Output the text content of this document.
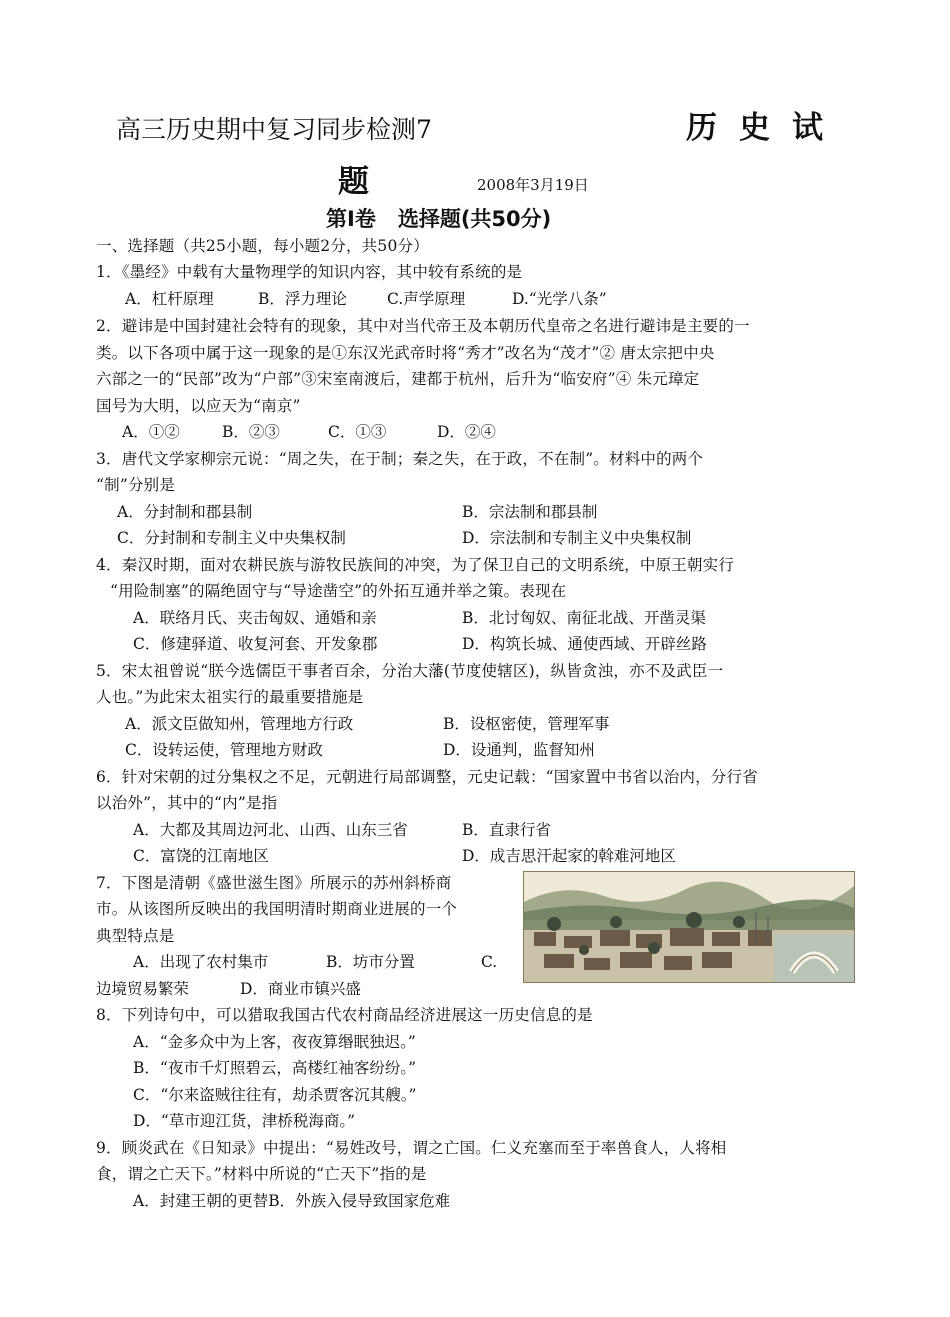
高三历史期中复习同步检测7	历史试
题	2008年3月19日
第Ⅰ卷 选择题(共50分)
一、选择题（共25小题，每小题2分，共50分）
1．《墨经》中载有大量物理学的知识内容，其中较有系统的是
A．杠杆原理	B．浮力理论	C.声学原理	D.“光学八条”
2．避讳是中国封建社会特有的现象，其中对当代帝王及本朝历代皇帝之名进行避讳是主要的一
类。以下各项中属于这一现象的是①东汉光武帝时将“秀才”改名为“茂才”② 唐太宗把中央
六部之一的“民部”改为“户部”③宋室南渡后，建都于杭州，后升为“临安府”④ 朱元璋定
国号为大明，以应天为“南京”
A．①②	B．②③	C．①③	D．②④
3．唐代文学家柳宗元说：“周之失，在于制；秦之失，在于政，不在制”。材料中的两个
“制”分别是
A．分封制和郡县制	B．宗法制和郡县制
C．分封制和专制主义中央集权制	D．宗法制和专制主义中央集权制
4．秦汉时期，面对农耕民族与游牧民族间的冲突，为了保卫自己的文明系统，中原王朝实行
“用险制塞”的隔绝固守与“导途凿空”的外拓互通并举之策。表现在
A．联络月氏、夹击匈奴、通婚和亲	B．北讨匈奴、南征北战、开凿灵渠
C．修建驿道、收复河套、开发象郡	D．构筑长城、通使西域、开辟丝路
5．宋太祖曾说“朕今选儒臣干事者百余，分治大藩(节度使辖区)，纵皆贪浊，亦不及武臣一
人也。”为此宋太祖实行的最重要措施是
A．派文臣做知州，管理地方行政	B．设枢密使，管理军事
C．设转运使，管理地方财政	D．设通判，监督知州
6．针对宋朝的过分集权之不足，元朝进行局部调整，元史记载：“国家置中书省以治内，分行省
以治外”，其中的“内”是指
A．大都及其周边河北、山西、山东三省	B．直隶行省
C．富饶的江南地区	D．成吉思汗起家的斡难河地区
7．下图是清朝《盛世滋生图》所展示的苏州斜桥商
市。从该图所反映出的我国明清时期商业进展的一个
典型特点是
A．出现了农村集市	B．坊市分置	C.
边境贸易繁荣	D．商业市镇兴盛
8．下列诗句中，可以猎取我国古代农村商品经济进展这一历史信息的是
A．“金多众中为上客，夜夜算缗眠独迟。”
B．“夜市千灯照碧云，高楼红袖客纷纷。”
C．“尔来盗贼往往有，劫杀贾客沉其艘。”
D．“草市迎江货，津桥税海商。”
9．顾炎武在《日知录》中提出：“易姓改号，谓之亡国。仁义充塞而至于率兽食人，人将相
食，谓之亡天下。”材料中所说的“亡天下”指的是
A．封建王朝的更替B．外族入侵导致国家危难
